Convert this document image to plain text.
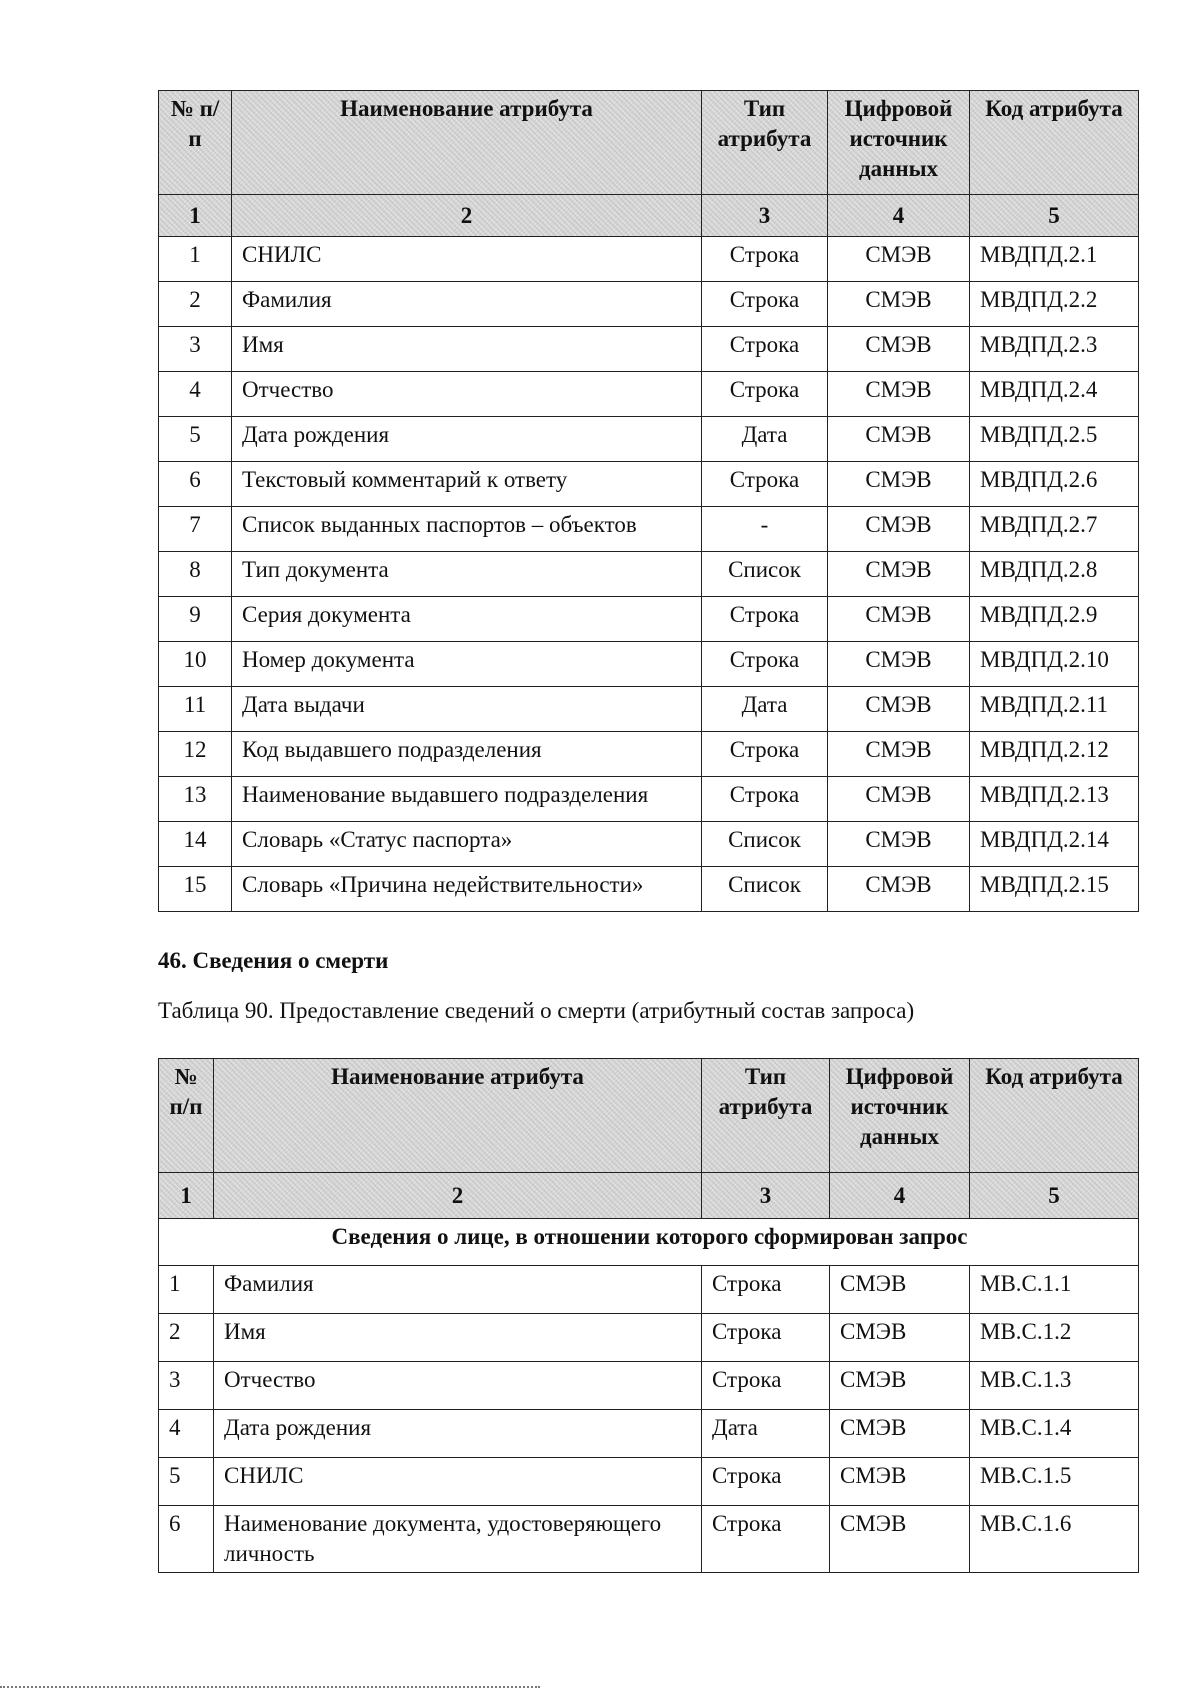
№ п/п	Наименование атрибута	Тип атрибута	Цифровой источник данных	Код атрибута
1	2	3	4	5
1	СНИЛС	Строка	СМЭВ	МВДПД.2.1
2	Фамилия	Строка	СМЭВ	МВДПД.2.2
3	Имя	Строка	СМЭВ	МВДПД.2.3
4	Отчество	Строка	СМЭВ	МВДПД.2.4
5	Дата рождения	Дата	СМЭВ	МВДПД.2.5
6	Текстовый комментарий к ответу	Строка	СМЭВ	МВДПД.2.6
7	Список выданных паспортов – объектов	-	СМЭВ	МВДПД.2.7
8	Тип документа	Список	СМЭВ	МВДПД.2.8
9	Серия документа	Строка	СМЭВ	МВДПД.2.9
10	Номер документа	Строка	СМЭВ	МВДПД.2.10
11	Дата выдачи	Дата	СМЭВ	МВДПД.2.11
12	Код выдавшего подразделения	Строка	СМЭВ	МВДПД.2.12
13	Наименование выдавшего подразделения	Строка	СМЭВ	МВДПД.2.13
14	Словарь «Статус паспорта»	Список	СМЭВ	МВДПД.2.14
15	Словарь «Причина недействительности»	Список	СМЭВ	МВДПД.2.15
46. Сведения о смерти

Таблица 90. Предоставление сведений о смерти (атрибутный состав запроса)

№ п/п	Наименование атрибута	Тип атрибута	Цифровой источник данных	Код атрибута
1	2	3	4	5
Сведения о лице, в отношении которого сформирован запрос				
1	Фамилия	Строка	СМЭВ	МВ.С.1.1
2	Имя	Строка	СМЭВ	МВ.С.1.2
3	Отчество	Строка	СМЭВ	МВ.С.1.3
4	Дата рождения	Дата	СМЭВ	МВ.С.1.4
5	СНИЛС	Строка	СМЭВ	МВ.С.1.5
6	Наименование документа, удостоверяющего личность	Строка	СМЭВ	МВ.С.1.6
